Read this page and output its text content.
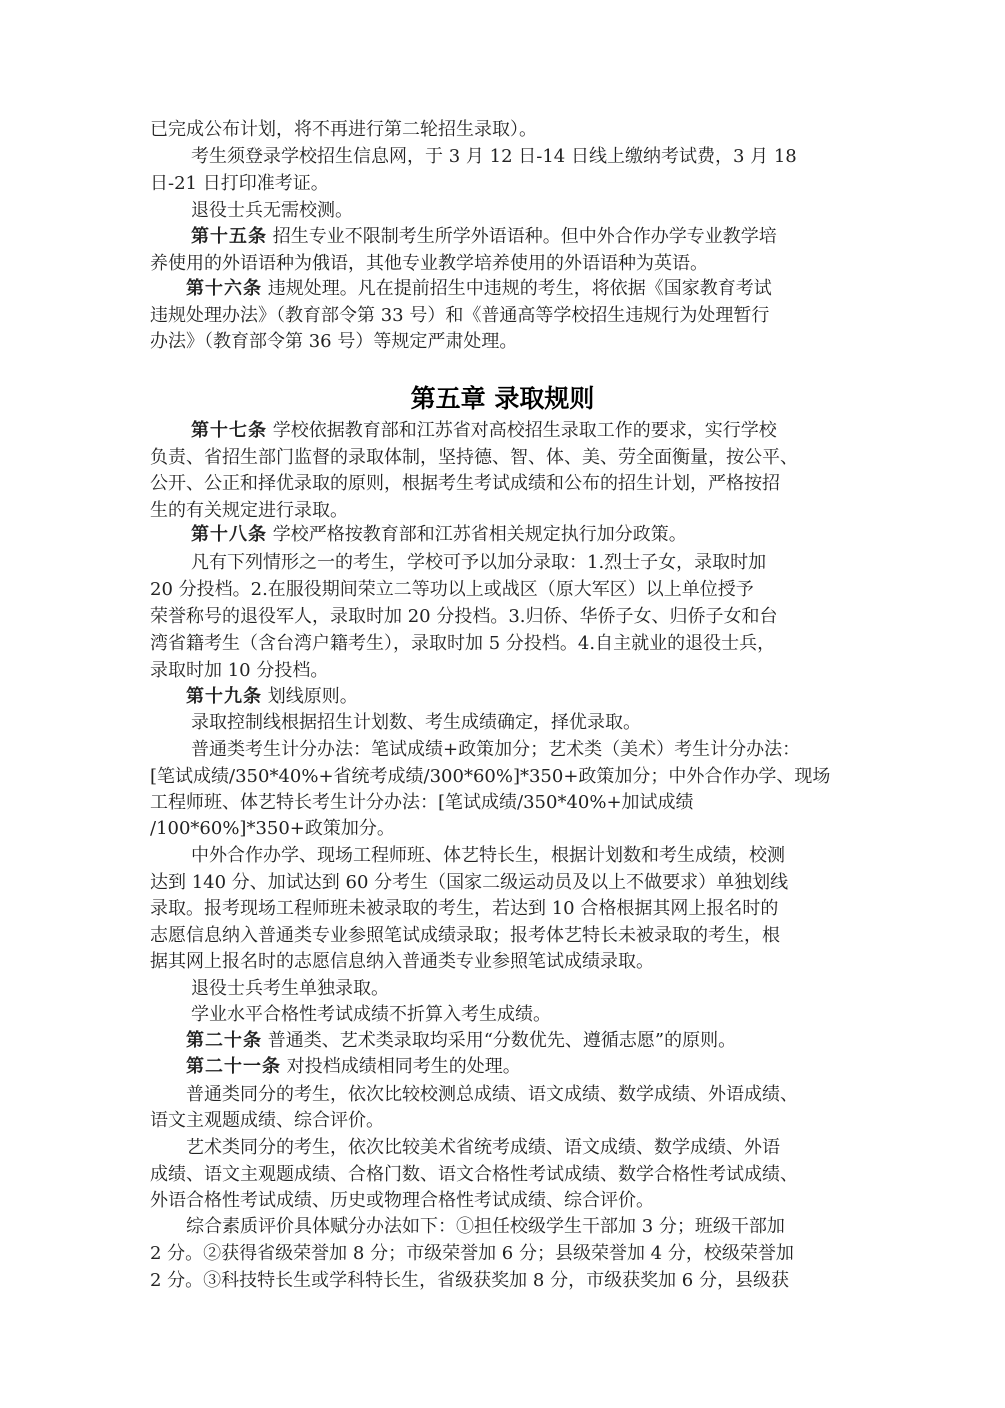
已完成公布计划，将不再进行第二轮招生录取）。
考生须登录学校招生信息网，于 3 月 12 日-14 日线上缴纳考试费，3 月 18
日-21 日打印准考证。
退役士兵无需校测。
第十五条 招生专业不限制考生所学外语语种。但中外合作办学专业教学培
养使用的外语语种为俄语，其他专业教学培养使用的外语语种为英语。
第十六条 违规处理。凡在提前招生中违规的考生，将依据《国家教育考试
违规处理办法》（教育部令第 33 号）和《普通高等学校招生违规行为处理暂行
办法》（教育部令第 36 号）等规定严肃处理。
第五章 录取规则
第十七条 学校依据教育部和江苏省对高校招生录取工作的要求，实行学校
负责、省招生部门监督的录取体制，坚持德、智、体、美、劳全面衡量，按公平、
公开、公正和择优录取的原则，根据考生考试成绩和公布的招生计划，严格按招
生的有关规定进行录取。
第十八条 学校严格按教育部和江苏省相关规定执行加分政策。
凡有下列情形之一的考生，学校可予以加分录取：1.烈士子女，录取时加
20 分投档。2.在服役期间荣立二等功以上或战区（原大军区）以上单位授予
荣誉称号的退役军人，录取时加 20 分投档。3.归侨、华侨子女、归侨子女和台
湾省籍考生（含台湾户籍考生），录取时加 5 分投档。4.自主就业的退役士兵，
录取时加 10 分投档。
第十九条 划线原则。
录取控制线根据招生计划数、考生成绩确定，择优录取。
普通类考生计分办法：笔试成绩+政策加分；艺术类（美术）考生计分办法：
[笔试成绩/350*40%+省统考成绩/300*60%]*350+政策加分；中外合作办学、现场
工程师班、体艺特长考生计分办法：[笔试成绩/350*40%+加试成绩
/100*60%]*350+政策加分。
中外合作办学、现场工程师班、体艺特长生，根据计划数和考生成绩，校测
达到 140 分、加试达到 60 分考生（国家二级运动员及以上不做要求）单独划线
录取。报考现场工程师班未被录取的考生，若达到 10 合格根据其网上报名时的
志愿信息纳入普通类专业参照笔试成绩录取；报考体艺特长未被录取的考生，根
据其网上报名时的志愿信息纳入普通类专业参照笔试成绩录取。
退役士兵考生单独录取。
学业水平合格性考试成绩不折算入考生成绩。
第二十条 普通类、艺术类录取均采用“分数优先、遵循志愿”的原则。
第二十一条 对投档成绩相同考生的处理。
普通类同分的考生，依次比较校测总成绩、语文成绩、数学成绩、外语成绩、
语文主观题成绩、综合评价。
艺术类同分的考生，依次比较美术省统考成绩、语文成绩、数学成绩、外语
成绩、语文主观题成绩、合格门数、语文合格性考试成绩、数学合格性考试成绩、
外语合格性考试成绩、历史或物理合格性考试成绩、综合评价。
综合素质评价具体赋分办法如下：①担任校级学生干部加 3 分；班级干部加
2 分。②获得省级荣誉加 8 分；市级荣誉加 6 分；县级荣誉加 4 分，校级荣誉加
2 分。③科技特长生或学科特长生，省级获奖加 8 分，市级获奖加 6 分，县级获
